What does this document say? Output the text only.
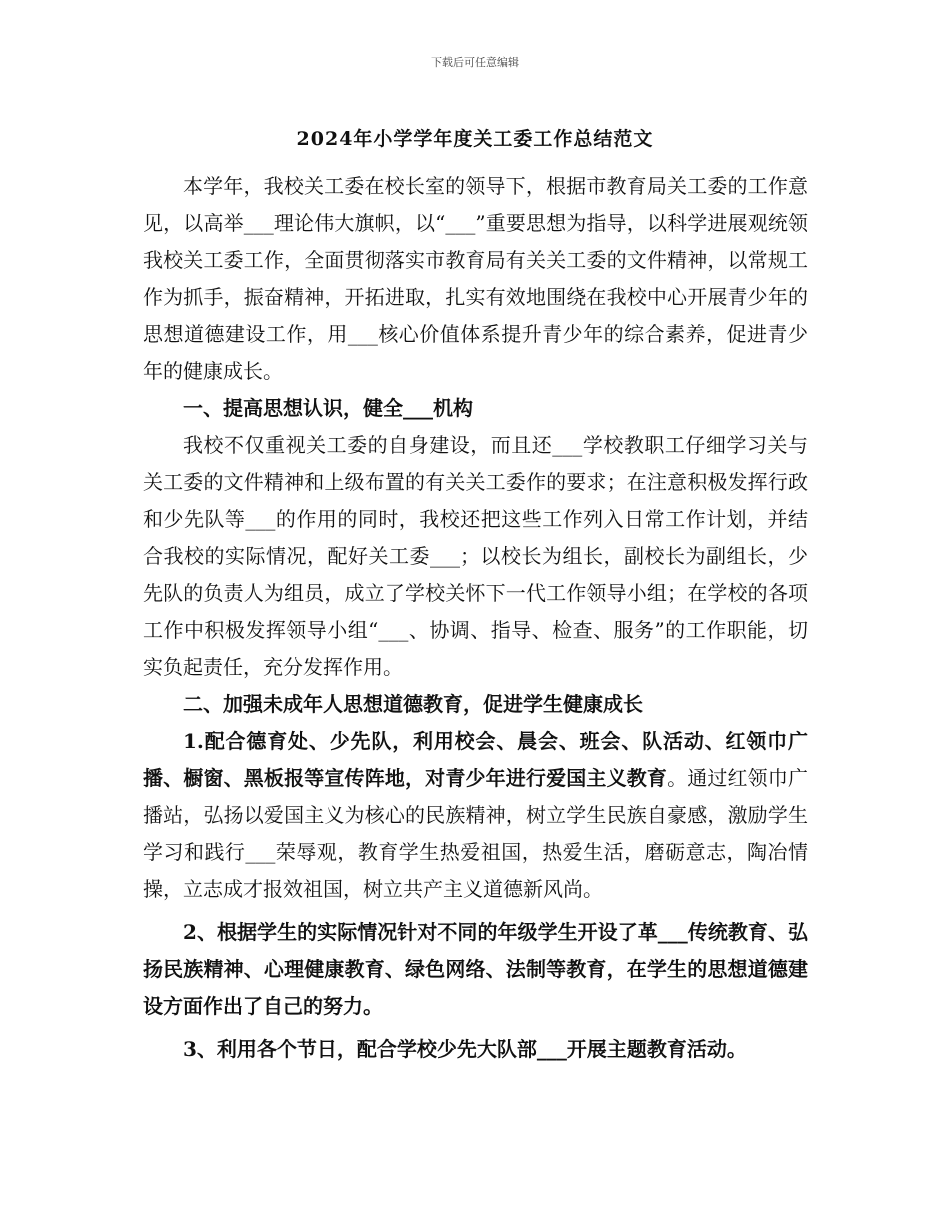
下载后可任意编辑
2024年小学学年度关工委工作总结范文

本学年，我校关工委在校长室的领导下，根据市教育局关工委的工作意见，以高举___理论伟大旗帜，以“___”重要思想为指导，以科学进展观统领我校关工委工作，全面贯彻落实市教育局有关关工委的文件精神，以常规工作为抓手，振奋精神，开拓进取，扎实有效地围绕在我校中心开展青少年的思想道德建设工作，用___核心价值体系提升青少年的综合素养，促进青少年的健康成长。

一、提高思想认识，健全___机构

我校不仅重视关工委的自身建设，而且还___学校教职工仔细学习关与关工委的文件精神和上级布置的有关关工委作的要求；在注意积极发挥行政和少先队等___的作用的同时，我校还把这些工作列入日常工作计划，并结合我校的实际情况，配好关工委___；以校长为组长，副校长为副组长，少先队的负责人为组员，成立了学校关怀下一代工作领导小组；在学校的各项工作中积极发挥领导小组“___、协调、指导、检查、服务”的工作职能，切实负起责任，充分发挥作用。

二、加强未成年人思想道德教育，促进学生健康成长

1.配合德育处、少先队，利用校会、晨会、班会、队活动、红领巾广播、橱窗、黑板报等宣传阵地，对青少年进行爱国主义教育。通过红领巾广播站，弘扬以爱国主义为核心的民族精神，树立学生民族自豪感，激励学生学习和践行___荣辱观，教育学生热爱祖国，热爱生活，磨砺意志，陶冶情操，立志成才报效祖国，树立共产主义道德新风尚。

2、根据学生的实际情况针对不同的年级学生开设了革___传统教育、弘扬民族精神、心理健康教育、绿色网络、法制等教育，在学生的思想道德建设方面作出了自己的努力。

3、利用各个节日，配合学校少先大队部___开展主题教育活动。
